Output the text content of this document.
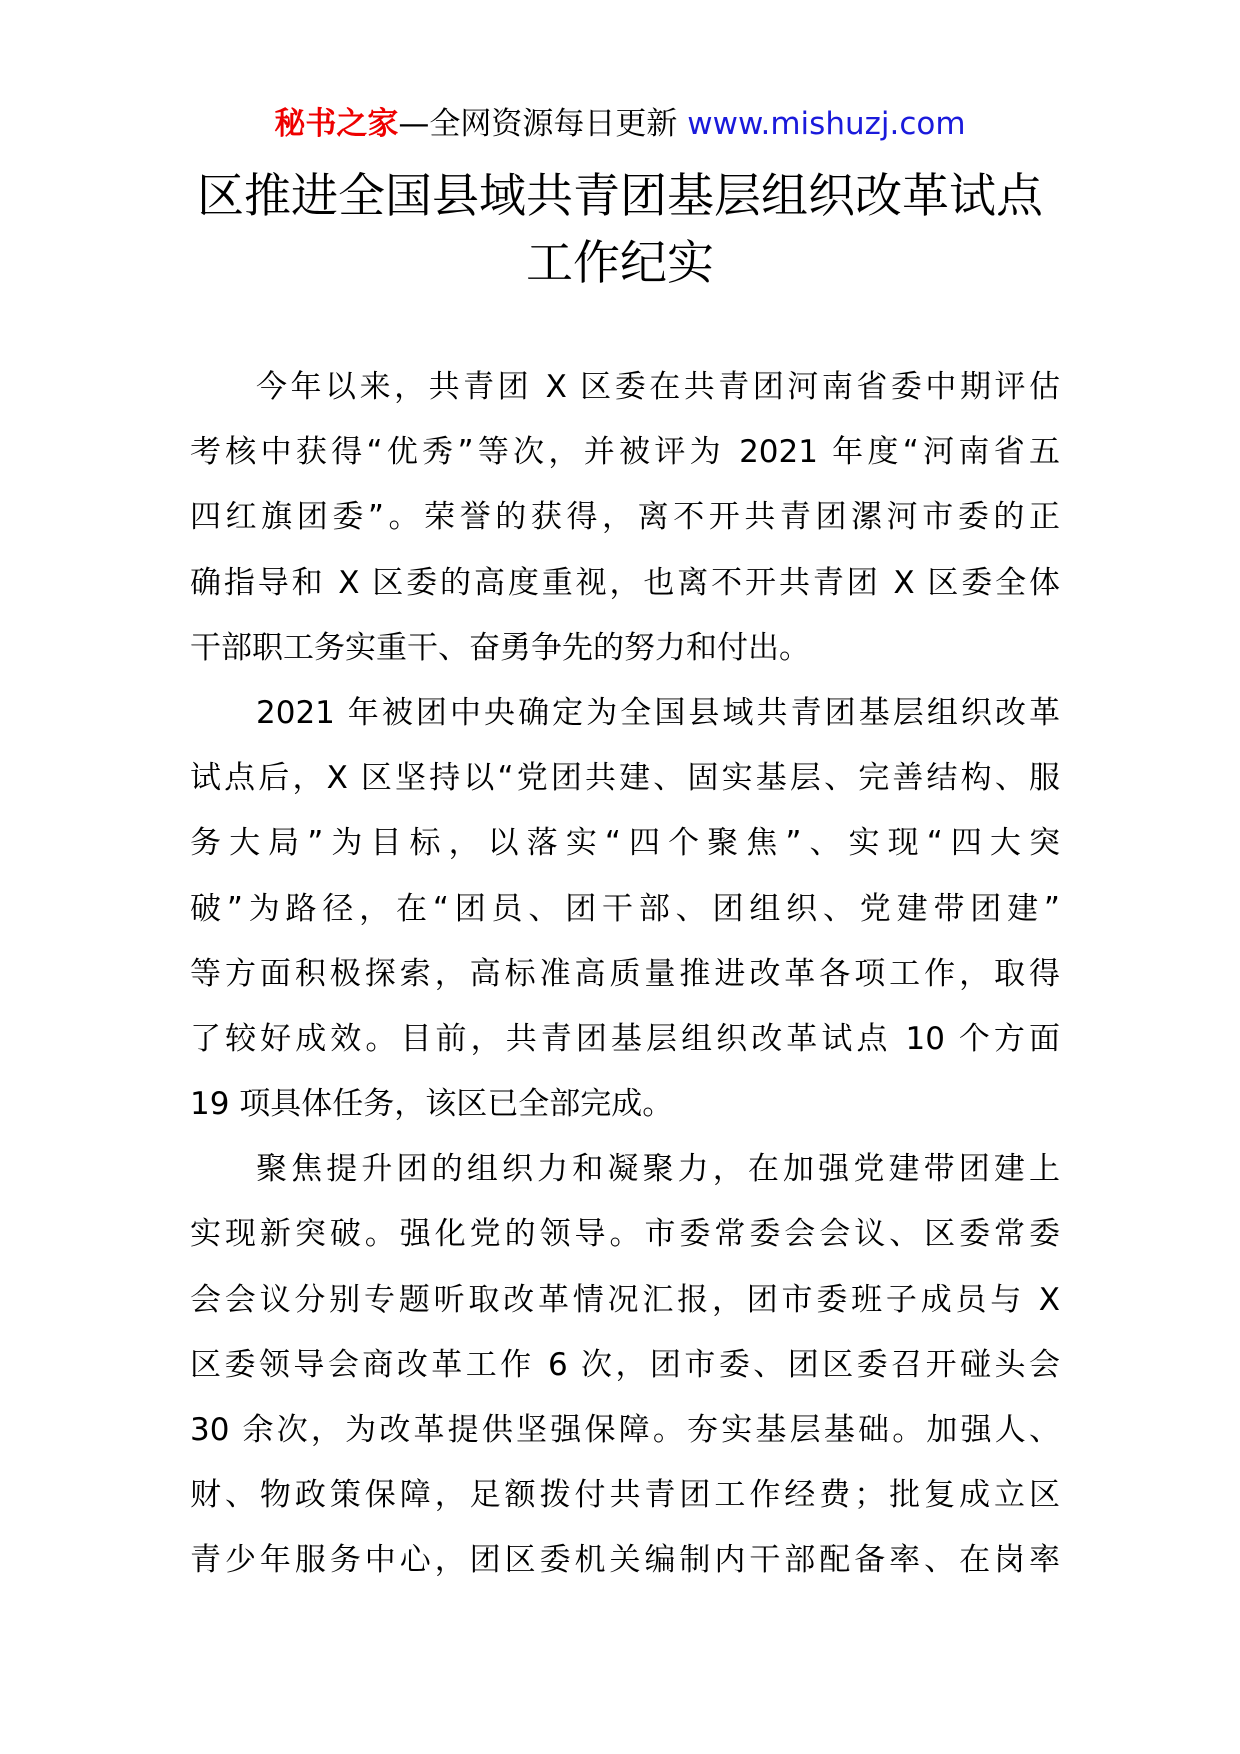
秘书之家—全网资源每日更新 www.mishuzj.com
区推进全国县域共青团基层组织改革试点
工作纪实
今年以来，共青团 X 区委在共青团河南省委中期评估
考核中获得“优秀”等次，并被评为 2021 年度“河南省五
四红旗团委”。荣誉的获得，离不开共青团漯河市委的正
确指导和 X 区委的高度重视，也离不开共青团 X 区委全体
干部职工务实重干、奋勇争先的努力和付出。
2021 年被团中央确定为全国县域共青团基层组织改革
试点后，X 区坚持以“党团共建、固实基层、完善结构、服
务大局”为目标，以落实“四个聚焦”、实现“四大突
破”为路径，在“团员、团干部、团组织、党建带团建”
等方面积极探索，高标准高质量推进改革各项工作，取得
了较好成效。目前，共青团基层组织改革试点 10 个方面
19 项具体任务，该区已全部完成。
聚焦提升团的组织力和凝聚力，在加强党建带团建上
实现新突破。强化党的领导。市委常委会会议、区委常委
会会议分别专题听取改革情况汇报，团市委班子成员与 X
区委领导会商改革工作 6 次，团市委、团区委召开碰头会
30 余次，为改革提供坚强保障。夯实基层基础。加强人、
财、物政策保障，足额拨付共青团工作经费；批复成立区
青少年服务中心，团区委机关编制内干部配备率、在岗率
